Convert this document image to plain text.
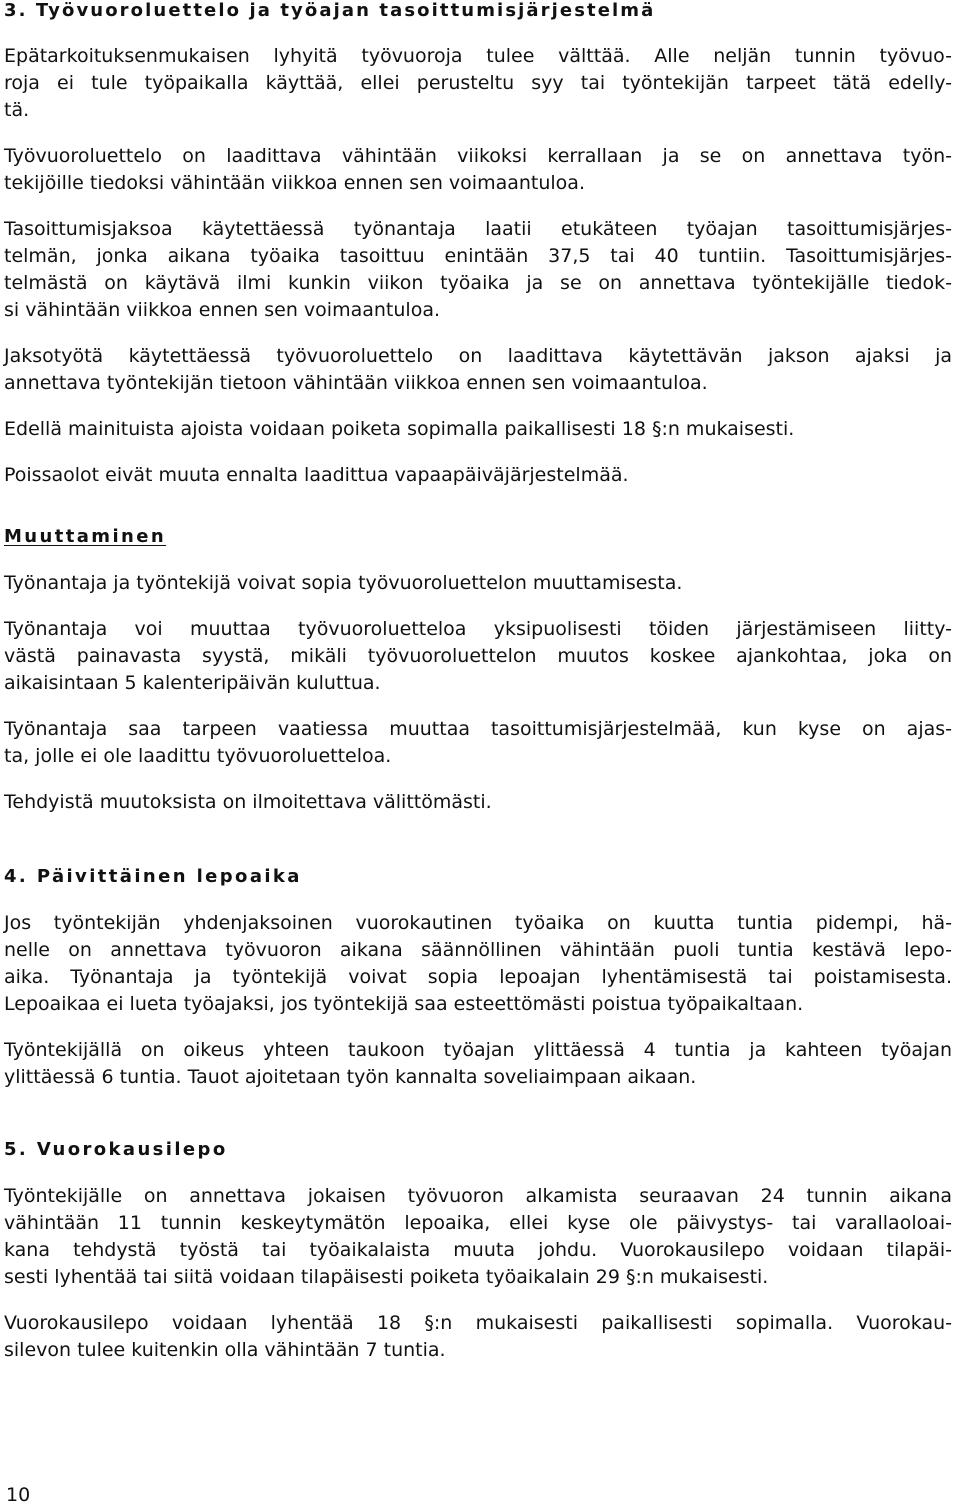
3. Työvuoroluettelo ja työajan tasoittumisjärjestelmä
Epätarkoituksenmukaisen lyhyitä työvuoroja tulee välttää. Alle neljän tunnin työvuo-
roja ei tule työpaikalla käyttää, ellei perusteltu syy tai työntekijän tarpeet tätä edelly-
tä.
Työvuoroluettelo on laadittava vähintään viikoksi kerrallaan ja se on annettava työn-
tekijöille tiedoksi vähintään viikkoa ennen sen voimaantuloa.
Tasoittumisjaksoa käytettäessä työnantaja laatii etukäteen työajan tasoittumisjärjes-
telmän, jonka aikana työaika tasoittuu enintään 37,5 tai 40 tuntiin. Tasoittumisjärjes-
telmästä on käytävä ilmi kunkin viikon työaika ja se on annettava työntekijälle tiedok-
si vähintään viikkoa ennen sen voimaantuloa.
Jaksotyötä käytettäessä työvuoroluettelo on laadittava käytettävän jakson ajaksi ja
annettava työntekijän tietoon vähintään viikkoa ennen sen voimaantuloa.
Edellä mainituista ajoista voidaan poiketa sopimalla paikallisesti 18 §:n mukaisesti.
Poissaolot eivät muuta ennalta laadittua vapaapäiväjärjestelmää.
Muuttaminen
Työnantaja ja työntekijä voivat sopia työvuoroluettelon muuttamisesta.
Työnantaja voi muuttaa työvuoroluetteloa yksipuolisesti töiden järjestämiseen liitty-
västä painavasta syystä, mikäli työvuoroluettelon muutos koskee ajankohtaa, joka on
aikaisintaan 5 kalenteripäivän kuluttua.
Työnantaja saa tarpeen vaatiessa muuttaa tasoittumisjärjestelmää, kun kyse on ajas-
ta, jolle ei ole laadittu työvuoroluetteloa.
Tehdyistä muutoksista on ilmoitettava välittömästi.
4. Päivittäinen lepoaika
Jos työntekijän yhdenjaksoinen vuorokautinen työaika on kuutta tuntia pidempi, hä-
nelle on annettava työvuoron aikana säännöllinen vähintään puoli tuntia kestävä lepo-
aika. Työnantaja ja työntekijä voivat sopia lepoajan lyhentämisestä tai poistamisesta.
Lepoaikaa ei lueta työajaksi, jos työntekijä saa esteettömästi poistua työpaikaltaan.
Työntekijällä on oikeus yhteen taukoon työajan ylittäessä 4 tuntia ja kahteen työajan
ylittäessä 6 tuntia. Tauot ajoitetaan työn kannalta soveliaimpaan aikaan.
5. Vuorokausilepo
Työntekijälle on annettava jokaisen työvuoron alkamista seuraavan 24 tunnin aikana
vähintään 11 tunnin keskeytymätön lepoaika, ellei kyse ole päivystys- tai varallaoloai-
kana tehdystä työstä tai työaikalaista muuta johdu. Vuorokausilepo voidaan tilapäi-
sesti lyhentää tai siitä voidaan tilapäisesti poiketa työaikalain 29 §:n mukaisesti.
Vuorokausilepo voidaan lyhentää 18 §:n mukaisesti paikallisesti sopimalla. Vuorokau-
silevon tulee kuitenkin olla vähintään 7 tuntia.
10
